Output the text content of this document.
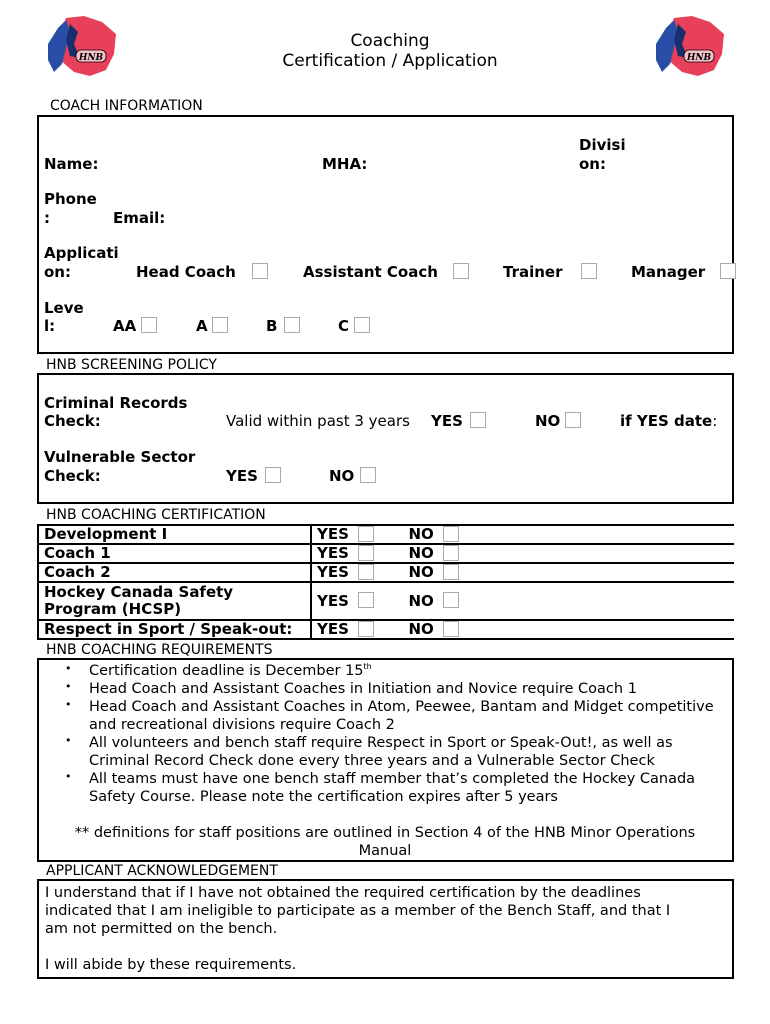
HNB	HNB
Coaching
Certification / Application
COACH INFORMATION
Name:	MHA:
Divisi
on:
Phone
:	Email:
Applicati
on:	Head Coach	Assistant Coach	Trainer	Manager
Leve
l:	AA	A	B	C
HNB SCREENING POLICY
Criminal Records
Check:	Valid within past 3 years YES	NO	if YES date:
Vulnerable Sector
Check:	YES	NO
HNB COACHING CERTIFICATION
Development I	YES NO
Coach 1	YES NO
Coach 2	YES NO

Hockey Canada Safety
Program (HCSP)	YES NO
Respect in Sport / Speak-out:	YES NO
HNB COACHING REQUIREMENTS
• Certification deadline is December 15th
• Head Coach and Assistant Coaches in Initiation and Novice require Coach 1
• Head Coach and Assistant Coaches in Atom, Peewee, Bantam and Midget competitive and recreational divisions require Coach 2
• All volunteers and bench staff require Respect in Sport or Speak-Out!, as well as Criminal Record Check done every three years and a Vulnerable Sector Check
• All teams must have one bench staff member that’s completed the Hockey Canada Safety Course. Please note the certification expires after 5 years
** definitions for staff positions are outlined in Section 4 of the HNB Minor Operations
Manual
APPLICANT ACKNOWLEDGEMENT
I understand that if I have not obtained the required certification by the deadlines
indicated that I am ineligible to participate as a member of the Bench Staff, and that I
am not permitted on the bench.
I will abide by these requirements.
